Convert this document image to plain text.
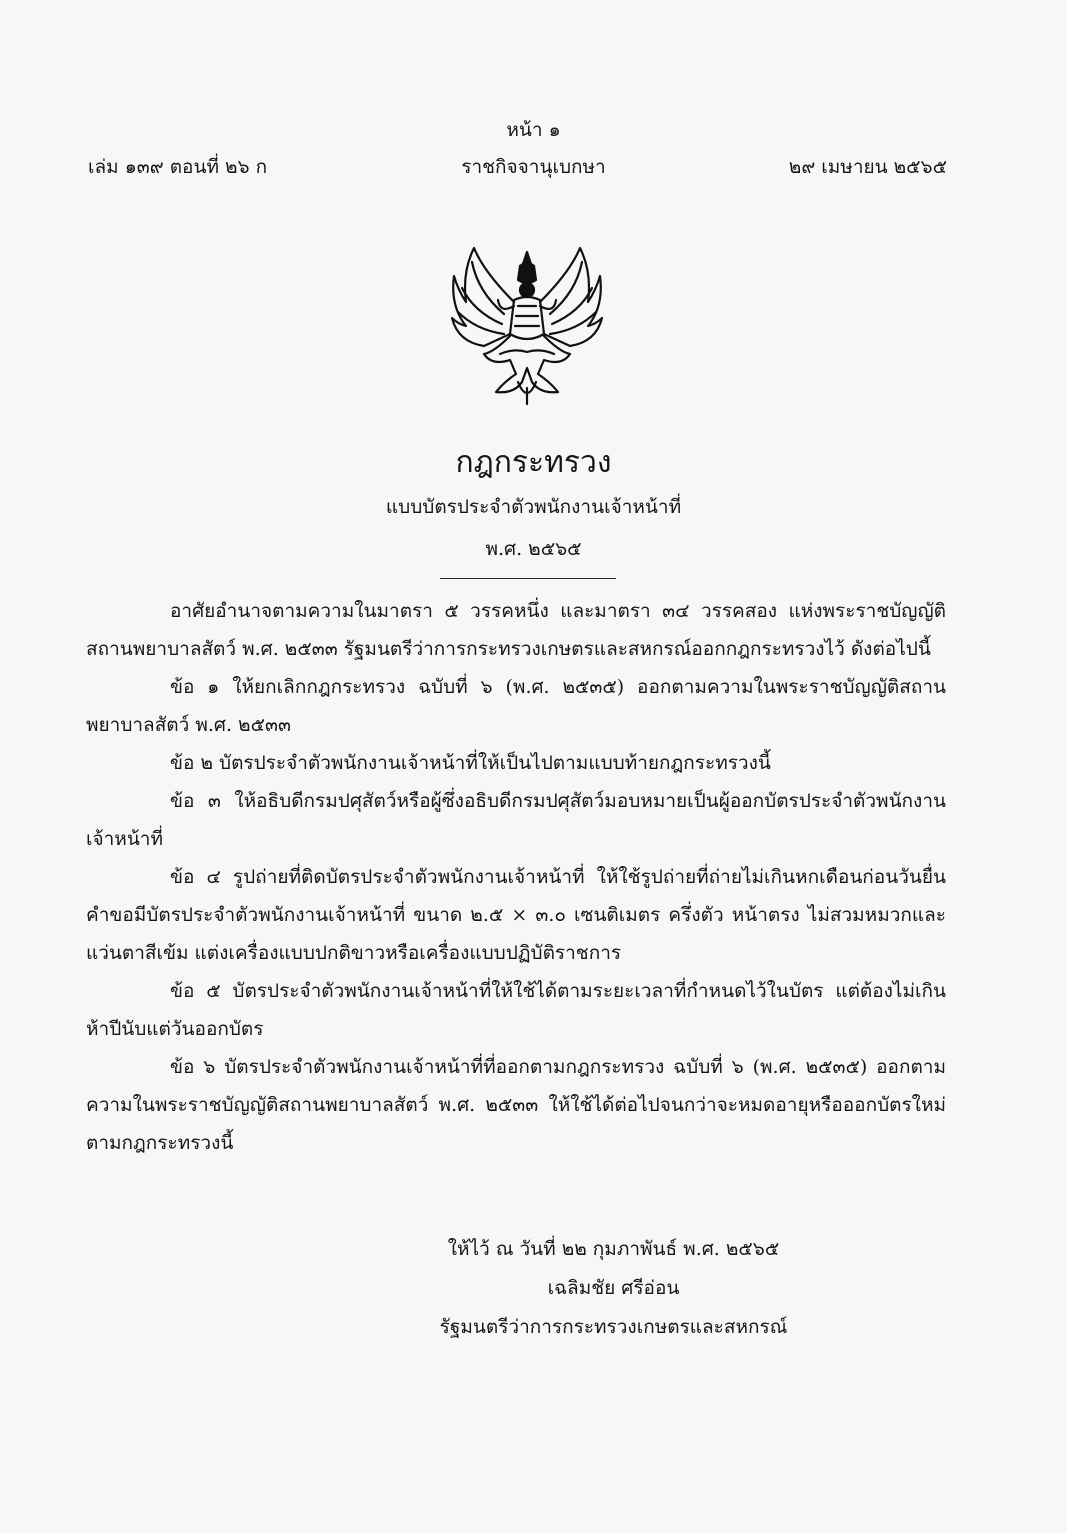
หน้า ๑
เล่ม ๑๓๙ ตอนที่ ๒๖ ก	ราชกิจจานุเบกษา	๒๙ เมษายน ๒๕๖๕
กฎกระทรวง
แบบบัตรประจำตัวพนักงานเจ้าหน้าที่
พ.ศ. ๒๕๖๕

อาศัยอำนาจตามความในมาตรา ๕ วรรคหนึ่ง และมาตรา ๓๔ วรรคสอง แห่งพระราชบัญญัติสถานพยาบาลสัตว์ พ.ศ. ๒๕๓๓ รัฐมนตรีว่าการกระทรวงเกษตรและสหกรณ์ออกกฎกระทรวงไว้ ดังต่อไปนี้

ข้อ ๑ ให้ยกเลิกกฎกระทรวง ฉบับที่ ๖ (พ.ศ. ๒๕๓๕) ออกตามความในพระราชบัญญัติสถานพยาบาลสัตว์ พ.ศ. ๒๕๓๓

ข้อ ๒ บัตรประจำตัวพนักงานเจ้าหน้าที่ให้เป็นไปตามแบบท้ายกฎกระทรวงนี้

ข้อ ๓ ให้อธิบดีกรมปศุสัตว์หรือผู้ซึ่งอธิบดีกรมปศุสัตว์มอบหมายเป็นผู้ออกบัตรประจำตัวพนักงานเจ้าหน้าที่

ข้อ ๔ รูปถ่ายที่ติดบัตรประจำตัวพนักงานเจ้าหน้าที่ ให้ใช้รูปถ่ายที่ถ่ายไม่เกินหกเดือนก่อนวันยื่นคำขอมีบัตรประจำตัวพนักงานเจ้าหน้าที่ ขนาด ๒.๕ × ๓.๐ เซนติเมตร ครึ่งตัว หน้าตรง ไม่สวมหมวกและแว่นตาสีเข้ม แต่งเครื่องแบบปกติขาวหรือเครื่องแบบปฏิบัติราชการ

ข้อ ๕ บัตรประจำตัวพนักงานเจ้าหน้าที่ให้ใช้ได้ตามระยะเวลาที่กำหนดไว้ในบัตร แต่ต้องไม่เกินห้าปีนับแต่วันออกบัตร

ข้อ ๖ บัตรประจำตัวพนักงานเจ้าหน้าที่ที่ออกตามกฎกระทรวง ฉบับที่ ๖ (พ.ศ. ๒๕๓๕) ออกตามความในพระราชบัญญัติสถานพยาบาลสัตว์ พ.ศ. ๒๕๓๓ ให้ใช้ได้ต่อไปจนกว่าจะหมดอายุหรือออกบัตรใหม่ตามกฎกระทรวงนี้

ให้ไว้ ณ วันที่ ๒๒ กุมภาพันธ์ พ.ศ. ๒๕๖๕
เฉลิมชัย ศรีอ่อน
รัฐมนตรีว่าการกระทรวงเกษตรและสหกรณ์
